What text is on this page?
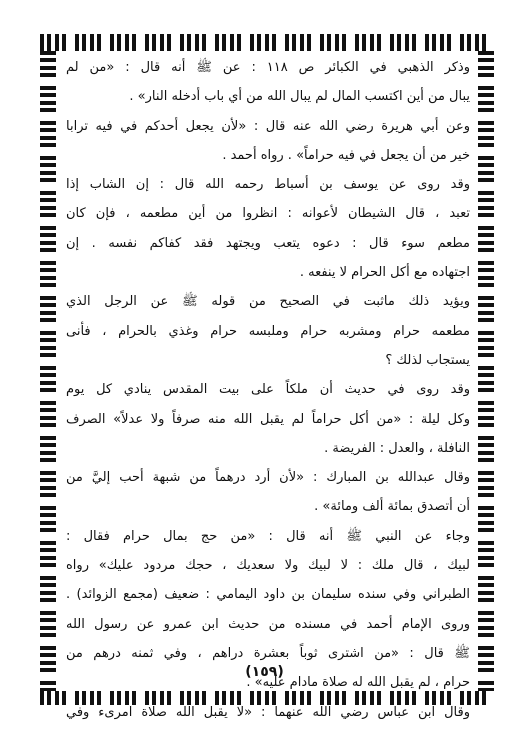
وذكر الذهبي في الكبائر ص ١١٨ : عن ﷺ أنه قال : «من لم
يبال من أين اكتسب المال لم يبال الله من أي باب أدخله النار» .
وعن أبي هريرة رضي الله عنه قال : «لأن يجعل أحدكم في فيه ترابا
خير من أن يجعل في فيه حراماً» . رواه أحمد .
وقد روى عن يوسف بن أسباط رحمه الله قال : إن الشاب إذا
تعبد ، قال الشيطان لأعوانه : انظروا من أين مطعمه ، فإن كان
مطعم سوء قال : دعوه يتعب ويجتهد فقد كفاكم نفسه . إن
اجتهاده مع أكل الحرام لا ينفعه .
ويؤيد ذلك ماثبت في الصحيح من قوله ﷺ عن الرجل الذي
مطعمه حرام ومشربه حرام وملبسه حرام وغذي بالحرام ، فأنى
يستجاب لذلك ؟
وقد روى في حديث أن ملكاً على بيت المقدس ينادي كل يوم
وكل ليلة : «من أكل حراماً لم يقبل الله منه صرفاً ولا عدلاً» الصرف
النافلة ، والعدل : الفريضة .
وقال عبدالله بن المبارك : «لأن أرد درهماً من شبهة أحب إليَّ من
أن أتصدق بمائة ألف ومائة» .
وجاء عن النبي ﷺ أنه قال : «من حج بمال حرام فقال :
لبيك ، قال ملك : لا لبيك ولا سعديك ، حجك مردود عليك» رواه
الطبراني وفي سنده سليمان بن داود اليمامي : ضعيف (مجمع الزوائد) .
وروى الإمام أحمد في مسنده من حديث ابن عمرو عن رسول الله
ﷺ قال : «من اشترى ثوباً بعشرة دراهم ، وفي ثمنه درهم من
حرام ، لم يقبل الله له صلاة مادام عليه» .
وقال ابن عباس رضي الله عنهما : «لا يقبل الله صلاة امرىء وفي
(١٥٩)
